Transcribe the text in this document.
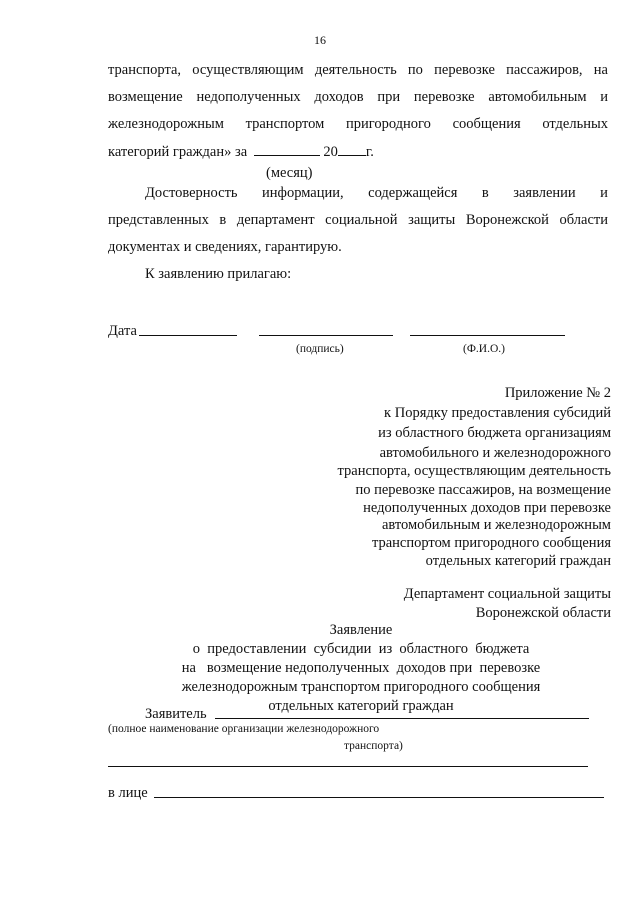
16
транспорта, осуществляющим деятельность по перевозке пассажиров, на
возмещение недополученных доходов при перевозке автомобильным и
железнодорожным транспортом пригородного сообщения отдельных
категорий граждан» за	20 г.
(месяц)
Достоверность информации, содержащейся в заявлении и
представленных в департамент социальной защиты Воронежской области
документах и сведениях, гарантирую.
К заявлению прилагаю:
Дата
(подпись)	(Ф.И.О.)
Приложение № 2
к Порядку предоставления субсидий
из областного бюджета организациям
автомобильного и железнодорожного
транспорта, осуществляющим деятельность
по перевозке пассажиров, на возмещение
недополученных доходов при перевозке
автомобильным и железнодорожным
транспортом пригородного сообщения
отдельных категорий граждан
Департамент социальной защиты
Воронежской области
Заявление
о  предоставлении  субсидии  из  областного  бюджета
на   возмещение недополученных  доходов при  перевозке
железнодорожным транспортом пригородного сообщения
отдельных категорий граждан
Заявитель
(полное наименование организации железнодорожного
транспорта)
в лице
